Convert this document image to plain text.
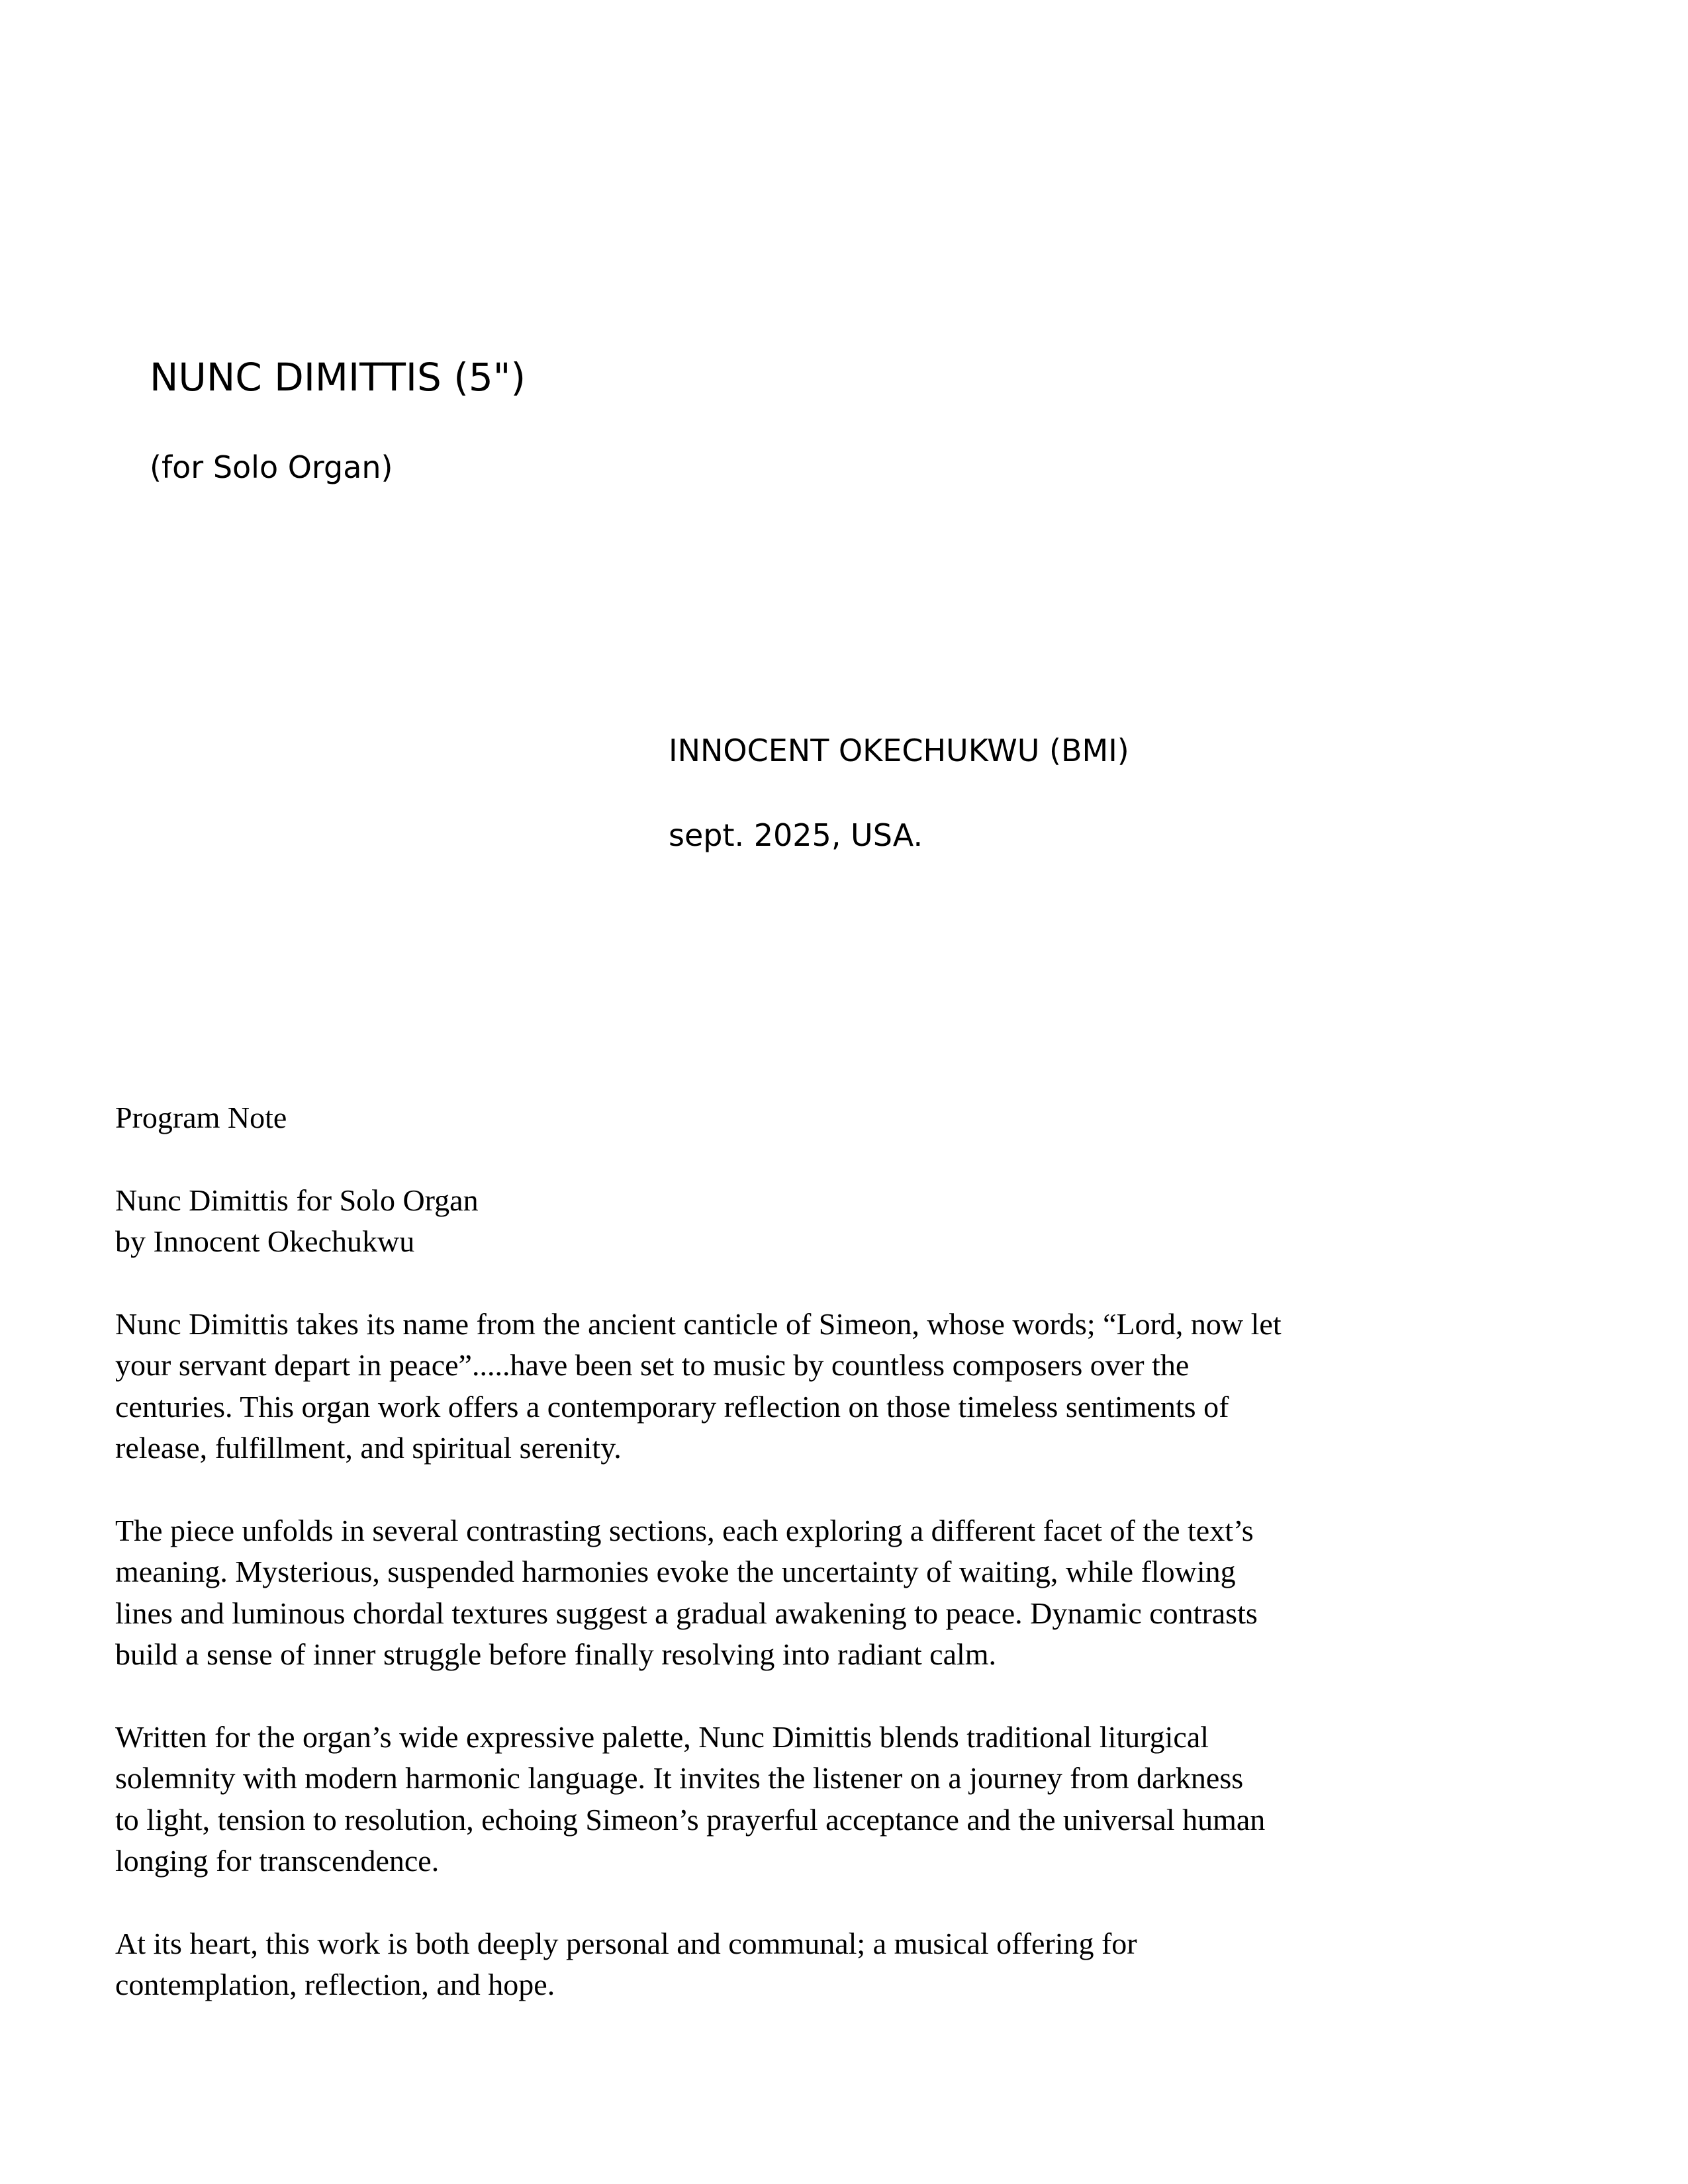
NUNC DIMITTIS (5")
(for Solo Organ)
INNOCENT OKECHUKWU (BMI)
sept. 2025, USA.

Program Note

Nunc Dimittis for Solo Organ
by Innocent Okechukwu

Nunc Dimittis takes its name from the ancient canticle of Simeon, whose words; “Lord, now let
your servant depart in peace”.....have been set to music by countless composers over the
centuries. This organ work offers a contemporary reflection on those timeless sentiments of
release, fulfillment, and spiritual serenity.

The piece unfolds in several contrasting sections, each exploring a different facet of the text’s
meaning. Mysterious, suspended harmonies evoke the uncertainty of waiting, while flowing
lines and luminous chordal textures suggest a gradual awakening to peace. Dynamic contrasts
build a sense of inner struggle before finally resolving into radiant calm.

Written for the organ’s wide expressive palette, Nunc Dimittis blends traditional liturgical
solemnity with modern harmonic language. It invites the listener on a journey from darkness
to light, tension to resolution, echoing Simeon’s prayerful acceptance and the universal human
longing for transcendence.

At its heart, this work is both deeply personal and communal; a musical offering for
contemplation, reflection, and hope.
